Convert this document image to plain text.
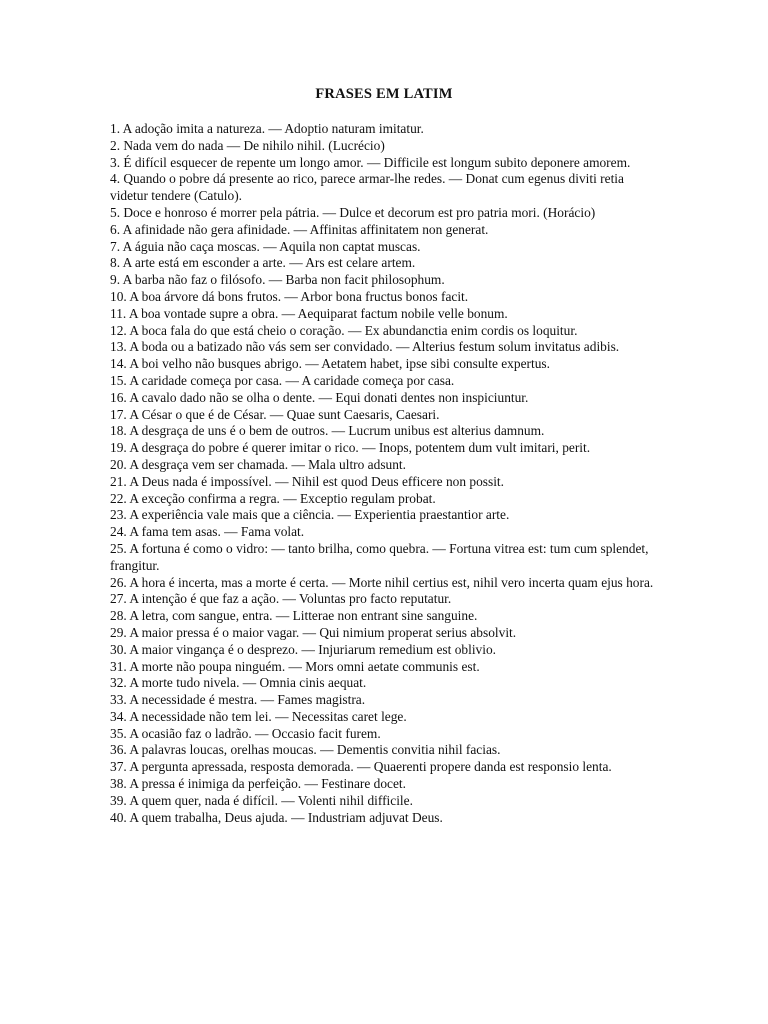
FRASES EM LATIM
1. A adoção imita a natureza. — Adoptio naturam imitatur.
2. Nada vem do nada — De nihilo nihil. (Lucrécio)
3. É difícil esquecer de repente um longo amor. — Difficile est longum subito deponere amorem.
4. Quando o pobre dá presente ao rico, parece armar-lhe redes. — Donat cum egenus diviti retia videtur tendere (Catulo).
5. Doce e honroso é morrer pela pátria. — Dulce et decorum est pro patria mori. (Horácio)
6. A afinidade não gera afinidade. — Affinitas affinitatem non generat.
7. A águia não caça moscas. — Aquila non captat muscas.
8. A arte está em esconder a arte. — Ars est celare artem.
9. A barba não faz o filósofo. — Barba non facit philosophum.
10. A boa árvore dá bons frutos. — Arbor bona fructus bonos facit.
11. A boa vontade supre a obra. — Aequiparat factum nobile velle bonum.
12. A boca fala do que está cheio o coração. — Ex abundanctia enim cordis os loquitur.
13. A boda ou a batizado não vás sem ser convidado. — Alterius festum solum invitatus adibis.
14. A boi velho não busques abrigo. — Aetatem habet, ipse sibi consulte expertus.
15. A caridade começa por casa. — A caridade começa por casa.
16. A cavalo dado não se olha o dente. — Equi donati dentes non inspiciuntur.
17. A César o que é de César. — Quae sunt Caesaris, Caesari.
18. A desgraça de uns é o bem de outros. — Lucrum unibus est alterius damnum.
19. A desgraça do pobre é querer imitar o rico. — Inops, potentem dum vult imitari, perit.
20. A desgraça vem ser chamada. — Mala ultro adsunt.
21. A Deus nada é impossível. — Nihil est quod Deus efficere non possit.
22. A exceção confirma a regra. — Exceptio regulam probat.
23. A experiência vale mais que a ciência. — Experientia praestantior arte.
24. A fama tem asas. — Fama volat.
25. A fortuna é como o vidro: — tanto brilha, como quebra. — Fortuna vitrea est: tum cum splendet, frangitur.
26. A hora é incerta, mas a morte é certa. — Morte nihil certius est, nihil vero incerta quam ejus hora.
27. A intenção é que faz a ação. — Voluntas pro facto reputatur.
28. A letra, com sangue, entra. — Litterae non entrant sine sanguine.
29. A maior pressa é o maior vagar. — Qui nimium properat serius absolvit.
30. A maior vingança é o desprezo. — Injuriarum remedium est oblivio.
31. A morte não poupa ninguém. — Mors omni aetate communis est.
32. A morte tudo nivela. — Omnia cinis aequat.
33. A necessidade é mestra. — Fames magistra.
34. A necessidade não tem lei. — Necessitas caret lege.
35. A ocasião faz o ladrão. — Occasio facit furem.
36. A palavras loucas, orelhas moucas. — Dementis convitia nihil facias.
37. A pergunta apressada, resposta demorada. — Quaerenti propere danda est responsio lenta.
38. A pressa é inimiga da perfeição. — Festinare docet.
39. A quem quer, nada é difícil. — Volenti nihil difficile.
40. A quem trabalha, Deus ajuda. — Industriam adjuvat Deus.
